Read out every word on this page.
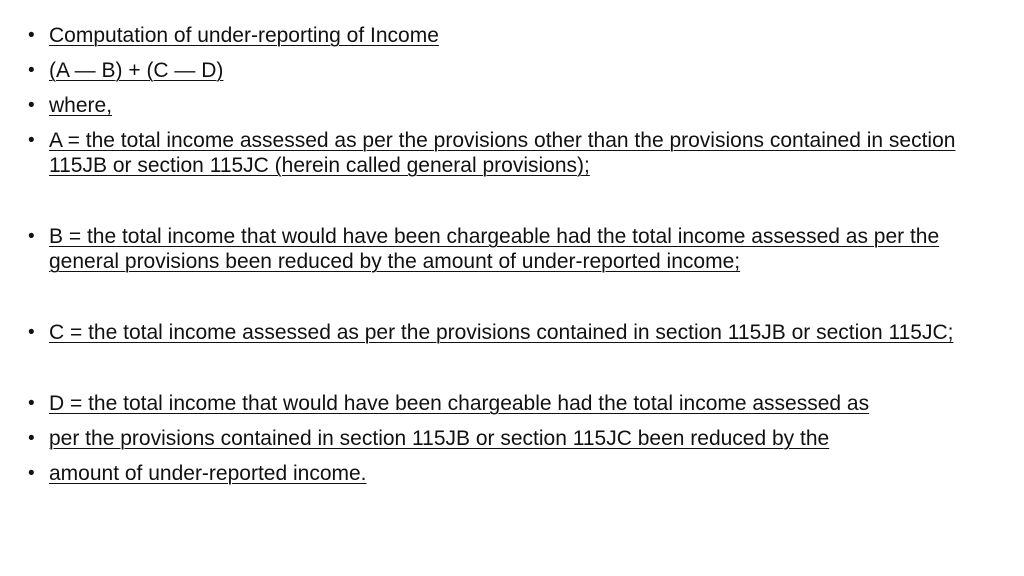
• Computation of under-reporting of Income
• (A — B) + (C — D)
• where,
• A = the total income assessed as per the provisions other than the provisions contained in section 115JB or section 115JC (herein called general provisions);
• B = the total income that would have been chargeable had the total income assessed as per the general provisions been reduced by the amount of under-reported income;
• C = the total income assessed as per the provisions contained in section 115JB or section 115JC;
• D = the total income that would have been chargeable had the total income assessed as
• per the provisions contained in section 115JB or section 115JC been reduced by the
• amount of under-reported income.
